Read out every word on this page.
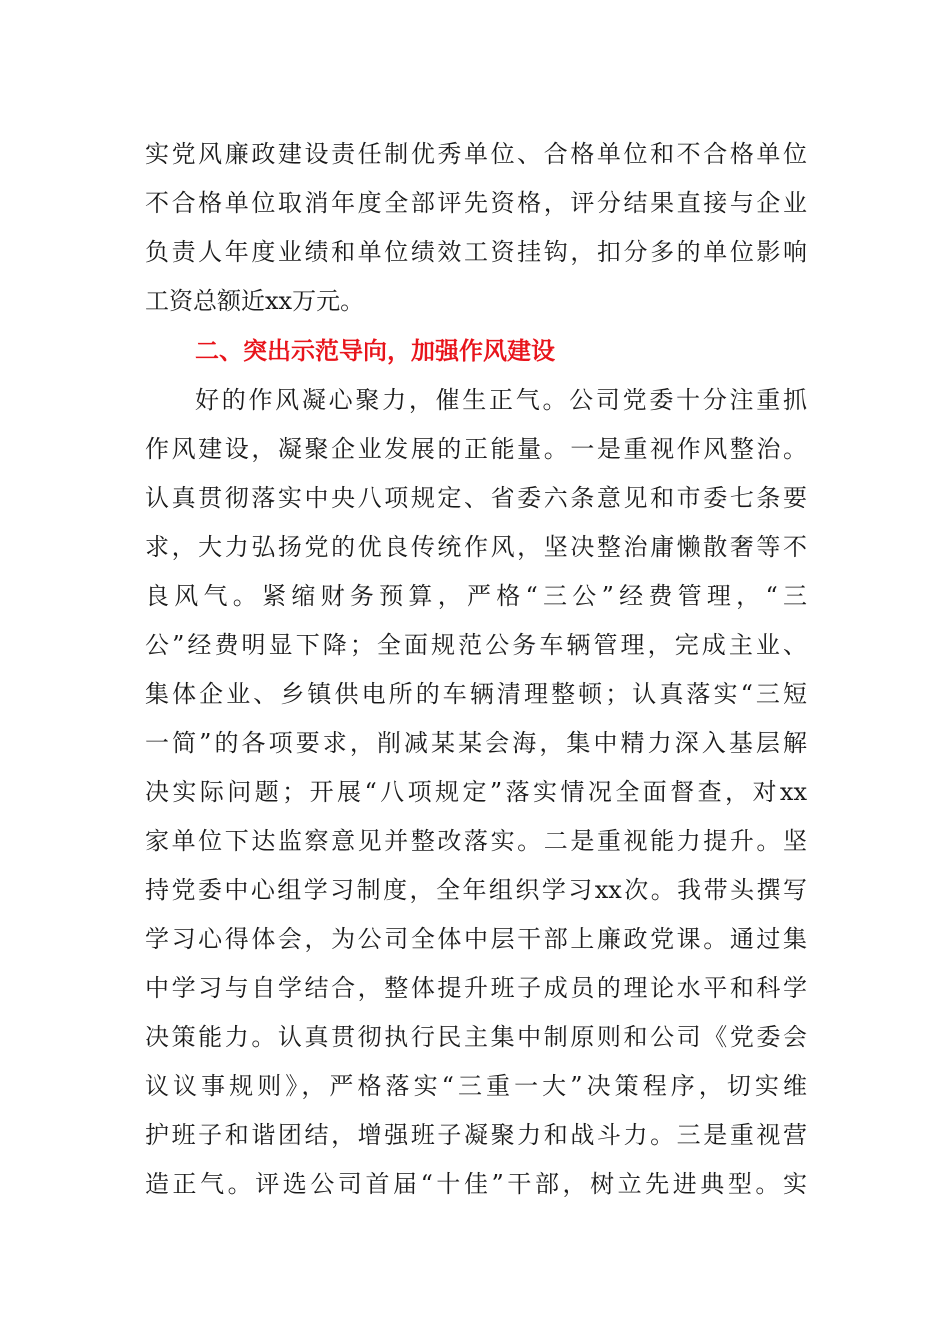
实党风廉政建设责任制优秀单位、合格单位和不合格单位
不合格单位取消年度全部评先资格，评分结果直接与企业
负责人年度业绩和单位绩效工资挂钩，扣分多的单位影响
工资总额近xx万元。
二、突出示范导向，加强作风建设
好的作风凝心聚力，催生正气。公司党委十分注重抓
作风建设，凝聚企业发展的正能量。一是重视作风整治。
认真贯彻落实中央八项规定、省委六条意见和市委七条要
求，大力弘扬党的优良传统作风，坚决整治庸懒散奢等不
良风气。紧缩财务预算，严格“三公”经费管理，“三
公”经费明显下降；全面规范公务车辆管理，完成主业、
集体企业、乡镇供电所的车辆清理整顿；认真落实“三短
一简”的各项要求，削减某某会海，集中精力深入基层解
决实际问题；开展“八项规定”落实情况全面督查，对xx
家单位下达监察意见并整改落实。二是重视能力提升。坚
持党委中心组学习制度，全年组织学习xx次。我带头撰写
学习心得体会，为公司全体中层干部上廉政党课。通过集
中学习与自学结合，整体提升班子成员的理论水平和科学
决策能力。认真贯彻执行民主集中制原则和公司《党委会
议议事规则》，严格落实“三重一大”决策程序，切实维
护班子和谐团结，增强班子凝聚力和战斗力。三是重视营
造正气。评选公司首届“十佳”干部，树立先进典型。实
